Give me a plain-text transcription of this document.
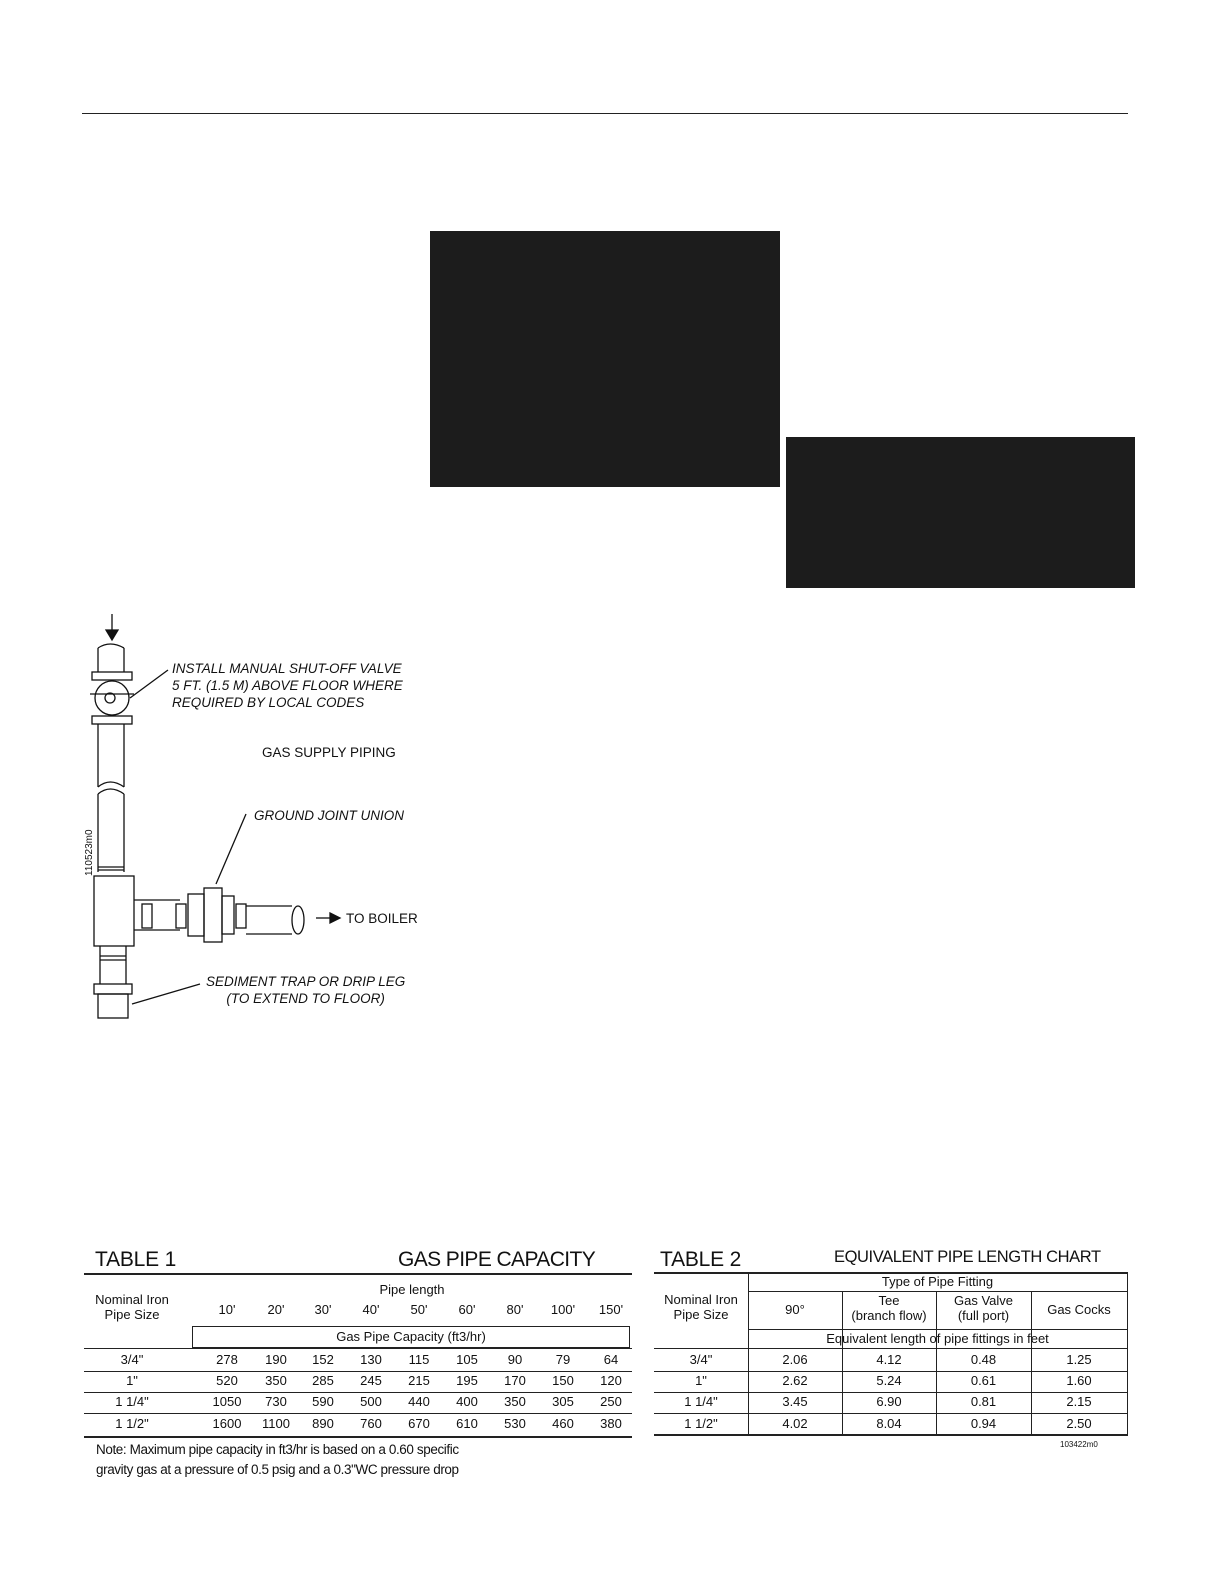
INSTALL MANUAL SHUT-OFF VALVE
5 FT. (1.5 M) ABOVE FLOOR WHERE
REQUIRED BY LOCAL CODES
GAS SUPPLY PIPING
GROUND JOINT UNION
TO BOILER
SEDIMENT TRAP OR DRIP LEG
(TO EXTEND TO FLOOR)
110523m0
TABLE 1	GAS PIPE CAPACITY
Nominal Iron
Pipe Size
Pipe length
10'	20'	30'	40'	50'	60'	80'	100'	150'
Gas Pipe Capacity (ft3/hr)
3/4"	278	190	152	130	115	105	90	79	64
1"	520	350	285	245	215	195	170	150	120
1 1/4"	1050	730	590	500	440	400	350	305	250
1 1/2"	1600	1100	890	760	670	610	530	460	380
Note: Maximum pipe capacity in ft3/hr is based on a 0.60 specific
gravity gas at a pressure of 0.5 psig and a 0.3"WC pressure drop
TABLE 2	EQUIVALENT PIPE LENGTH CHART
Type of Pipe Fitting
Nominal Iron
Pipe Size	90°
Tee
(branch flow)
Gas Valve
(full port)	Gas Cocks
Equivalent length of pipe fittings in feet
3/4"	2.06	4.12	0.48	1.25
1"	2.62	5.24	0.61	1.60
1 1/4"	3.45	6.90	0.81	2.15
1 1/2"	4.02	8.04	0.94	2.50
103422m0
